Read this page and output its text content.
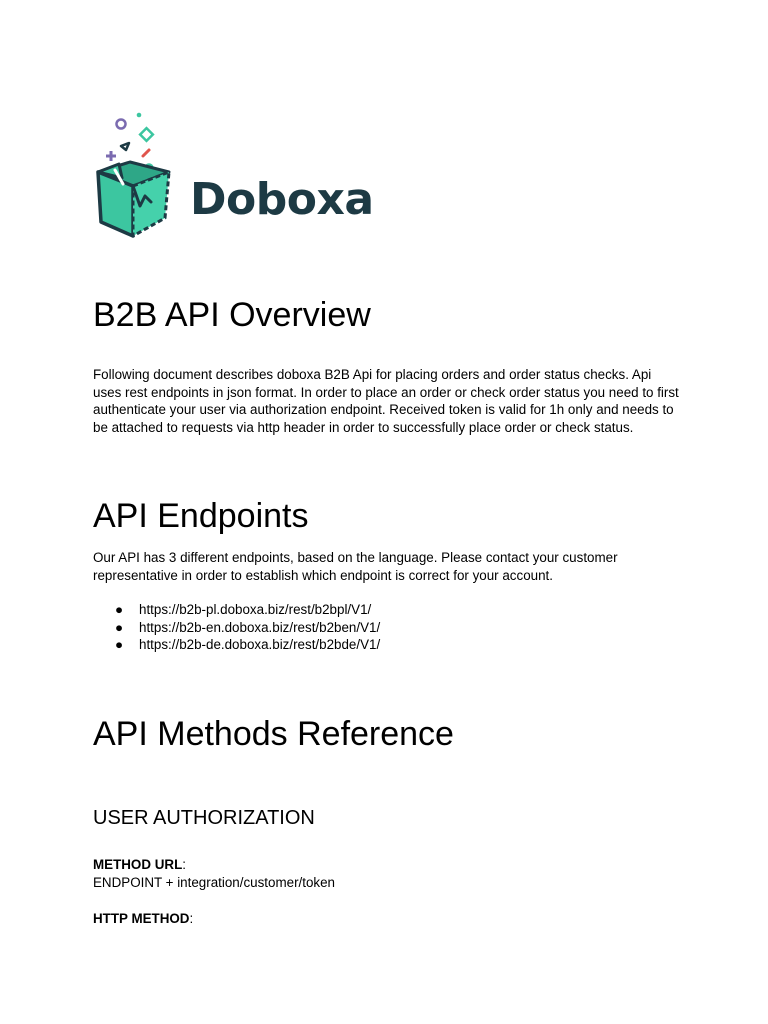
Doboxa
B2B API Overview

Following document describes doboxa B2B Api for placing orders and order status checks. Api uses rest endpoints in json format. In order to place an order or check order status you need to first authenticate your user via authorization endpoint. Received token is valid for 1h only and needs to be attached to requests via http header in order to successfully place order or check status.

API Endpoints

Our API has 3 different endpoints, based on the language. Please contact your customer representative in order to establish which endpoint is correct for your account.

● https://b2b-pl.doboxa.biz/rest/b2bpl/V1/
● https://b2b-en.doboxa.biz/rest/b2ben/V1/
● https://b2b-de.doboxa.biz/rest/b2bde/V1/
API Methods Reference
USER AUTHORIZATION
METHOD URL:
ENDPOINT + integration/customer/token
HTTP METHOD:
